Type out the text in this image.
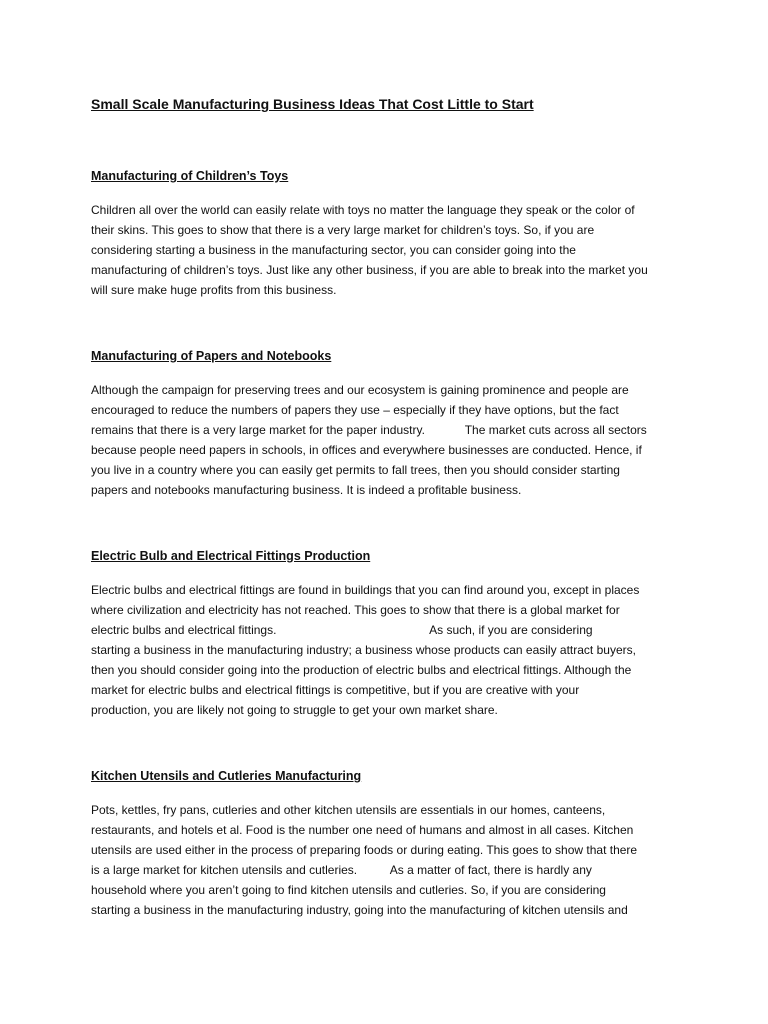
Small Scale Manufacturing Business Ideas That Cost Little to Start
Manufacturing of Children’s Toys
Children all over the world can easily relate with toys no matter the language they speak or the color of
their skins. This goes to show that there is a very large market for children’s toys. So, if you are
considering starting a business in the manufacturing sector, you can consider going into the
manufacturing of children’s toys. Just like any other business, if you are able to break into the market you
will sure make huge profits from this business.
Manufacturing of Papers and Notebooks
Although the campaign for preserving trees and our ecosystem is gaining prominence and people are
encouraged to reduce the numbers of papers they use – especially if they have options, but the fact
remains that there is a very large market for the paper industry.            The market cuts across all sectors
because people need papers in schools, in offices and everywhere businesses are conducted. Hence, if
you live in a country where you can easily get permits to fall trees, then you should consider starting
papers and notebooks manufacturing business. It is indeed a profitable business.
Electric Bulb and Electrical Fittings Production
Electric bulbs and electrical fittings are found in buildings that you can find around you, except in places
where civilization and electricity has not reached. This goes to show that there is a global market for
electric bulbs and electrical fittings.                                              As such, if you are considering
starting a business in the manufacturing industry; a business whose products can easily attract buyers,
then you should consider going into the production of electric bulbs and electrical fittings. Although the
market for electric bulbs and electrical fittings is competitive, but if you are creative with your
production, you are likely not going to struggle to get your own market share.
Kitchen Utensils and Cutleries Manufacturing
Pots, kettles, fry pans, cutleries and other kitchen utensils are essentials in our homes, canteens,
restaurants, and hotels et al. Food is the number one need of humans and almost in all cases. Kitchen
utensils are used either in the process of preparing foods or during eating. This goes to show that there
is a large market for kitchen utensils and cutleries.          As a matter of fact, there is hardly any
household where you aren’t going to find kitchen utensils and cutleries. So, if you are considering
starting a business in the manufacturing industry, going into the manufacturing of kitchen utensils and
